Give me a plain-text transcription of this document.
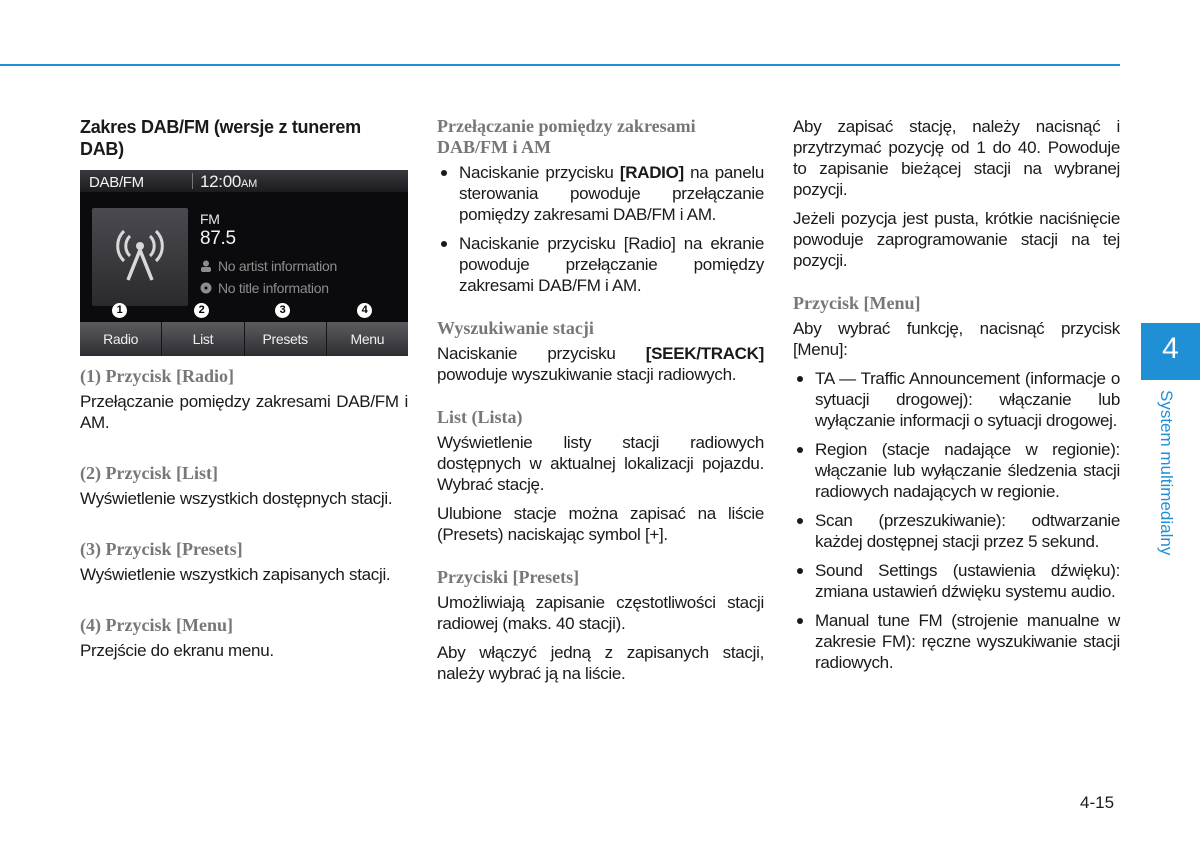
Zakres DAB/FM (wersje z tunerem DAB)
DAB/FM	12:00AM
FM
87.5
No artist information
No title information
1	2	3	4
Radio	List	Presets	Menu
(1) Przycisk [Radio]

Przełączanie pomiędzy zakresami DAB/FM i AM.

(2) Przycisk [List]

Wyświetlenie wszystkich dostępnych stacji.

(3) Przycisk [Presets]

Wyświetlenie wszystkich zapisanych stacji.

(4) Przycisk [Menu]

Przejście do ekranu menu.

Przełączanie pomiędzy zakresami DAB/FM i AM
Naciskanie przycisku [RADIO] na panelu sterowania powoduje przełączanie pomiędzy zakresami DAB/FM i AM.
Naciskanie przycisku [Radio] na ekranie powoduje przełączanie pomiędzy zakresami DAB/FM i AM.
Wyszukiwanie stacji

Naciskanie przycisku [SEEK/TRACK] powoduje wyszukiwanie stacji radiowych.

List (Lista)

Wyświetlenie listy stacji radiowych dostępnych w aktualnej lokalizacji pojazdu. Wybrać stację.

Ulubione stacje można zapisać na liście (Presets) naciskając symbol [+].

Przyciski [Presets]

Umożliwiają zapisanie częstotliwości stacji radiowej (maks. 40 stacji).

Aby włączyć jedną z zapisanych stacji, należy wybrać ją na liście.

Aby zapisać stację, należy nacisnąć i przytrzymać pozycję od 1 do 40. Powoduje to zapisanie bieżącej stacji na wybranej pozycji.

Jeżeli pozycja jest pusta, krótkie naciśnięcie powoduje zaprogramowanie stacji na tej pozycji.

Przycisk [Menu]

Aby wybrać funkcję, nacisnąć przycisk [Menu]:

TA — Traffic Announcement (informacje o sytuacji drogowej): włączanie lub wyłączanie informacji o sytuacji drogowej.
Region (stacje nadające w regionie): włączanie lub wyłączanie śledzenia stacji radiowych nadających w regionie.
Scan (przeszukiwanie): odtwarzanie każdej dostępnej stacji przez 5 sekund.
Sound Settings (ustawienia dźwięku): zmiana ustawień dźwięku systemu audio.
Manual tune FM (strojenie manualne w zakresie FM): ręczne wyszukiwanie stacji radiowych.
4
System multimedialny
4-15
